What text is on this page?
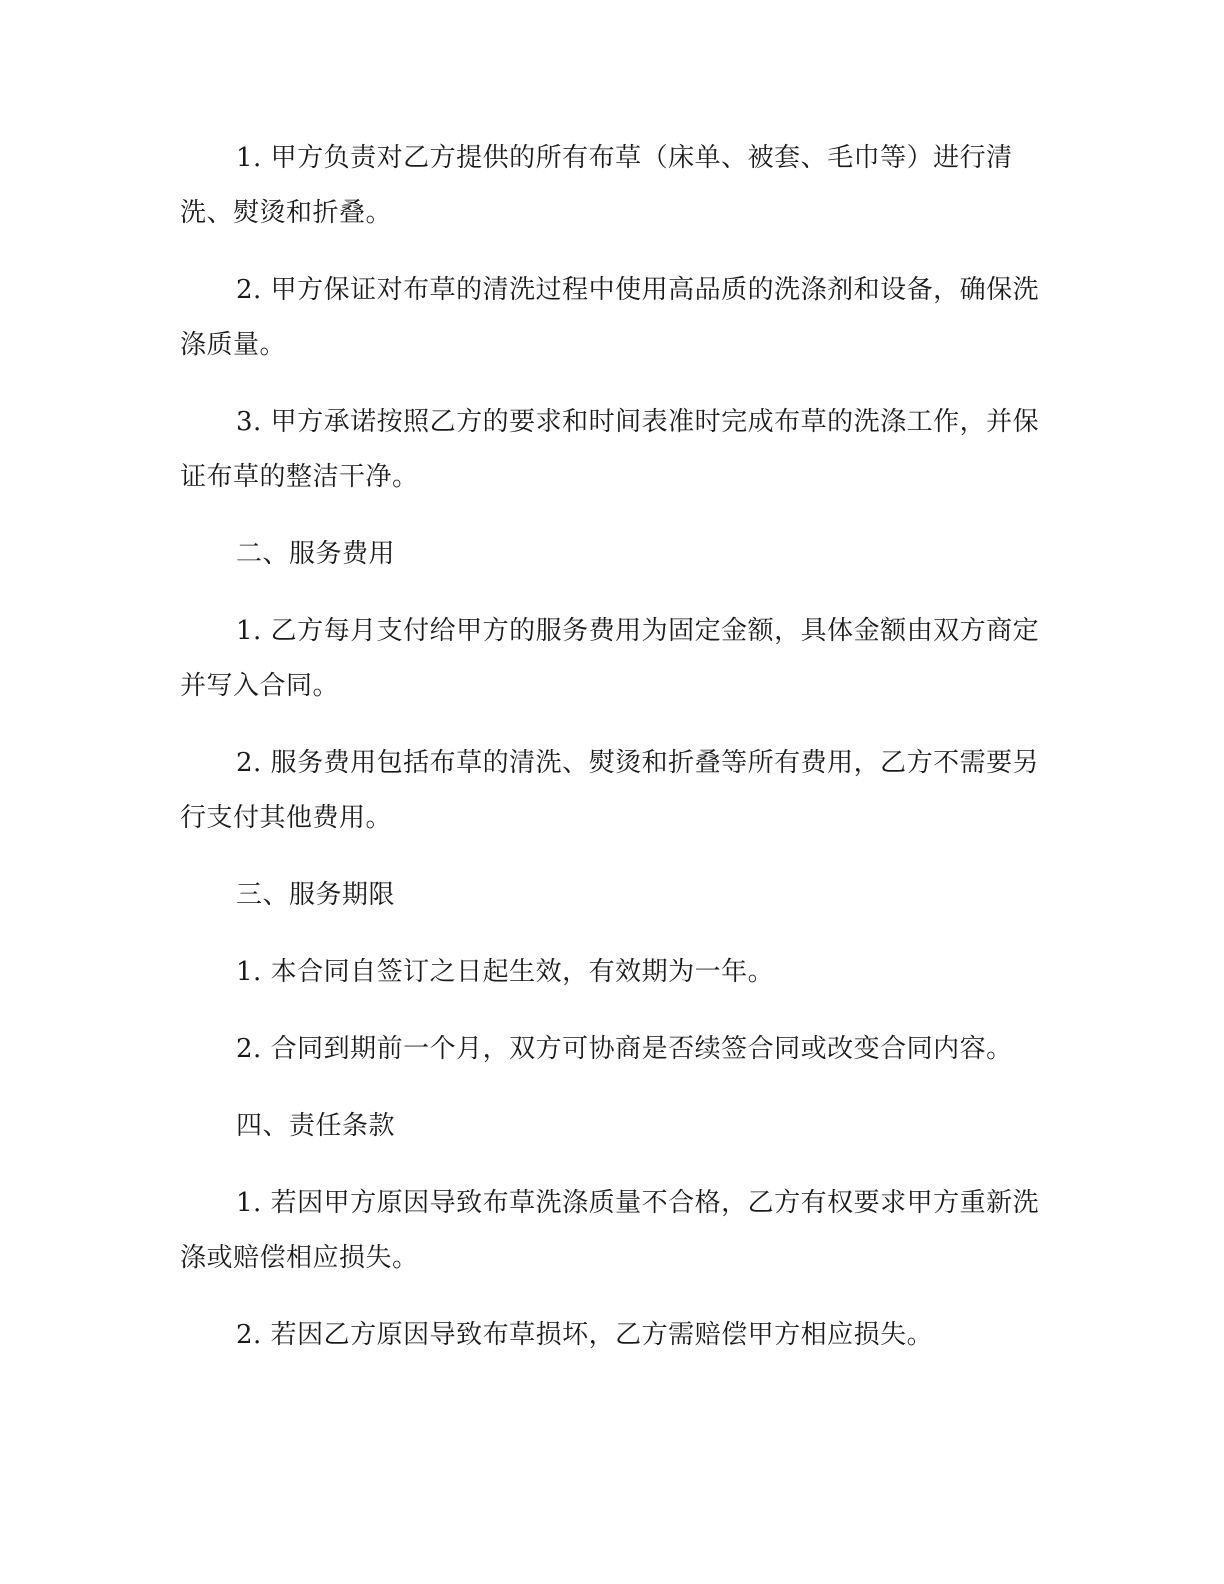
1. 甲方负责对乙方提供的所有布草（床单、被套、毛巾等）进行清洗、熨烫和折叠。

2. 甲方保证对布草的清洗过程中使用高品质的洗涤剂和设备，确保洗涤质量。

3. 甲方承诺按照乙方的要求和时间表准时完成布草的洗涤工作，并保证布草的整洁干净。

二、服务费用

1. 乙方每月支付给甲方的服务费用为固定金额，具体金额由双方商定并写入合同。

2. 服务费用包括布草的清洗、熨烫和折叠等所有费用，乙方不需要另行支付其他费用。

三、服务期限

1. 本合同自签订之日起生效，有效期为一年。

2. 合同到期前一个月，双方可协商是否续签合同或改变合同内容。

四、责任条款

1. 若因甲方原因导致布草洗涤质量不合格，乙方有权要求甲方重新洗涤或赔偿相应损失。

2. 若因乙方原因导致布草损坏，乙方需赔偿甲方相应损失。
